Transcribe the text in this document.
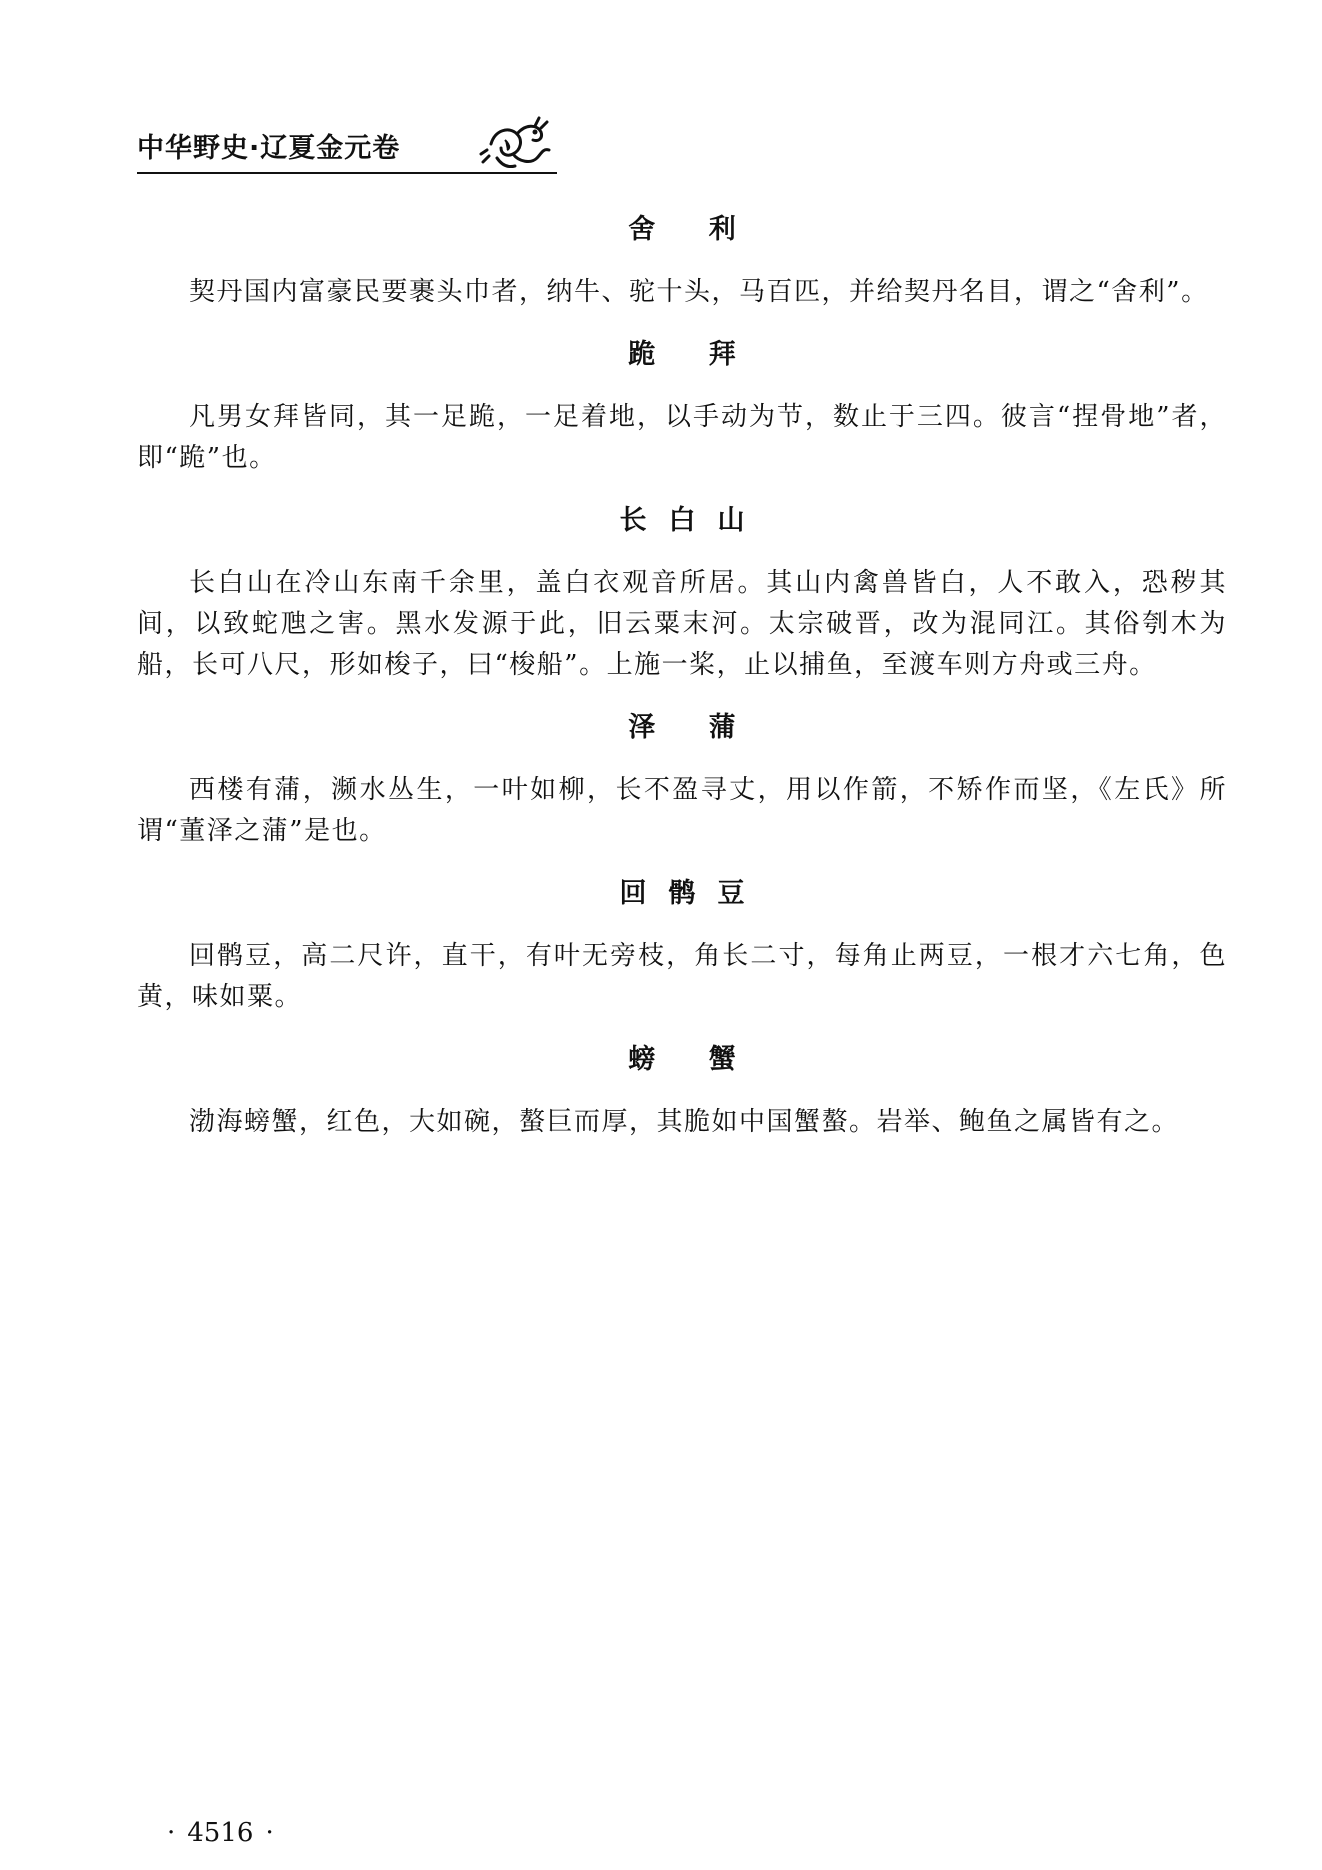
中华野史·辽夏金元卷
舍 利

契丹国内富豪民要裹头巾者，纳牛、驼十头，马百匹，并给契丹名目，谓之“舍利”。

跪 拜

凡男女拜皆同，其一足跪，一足着地，以手动为节，数止于三四。彼言“捏骨地”者，即“跪”也。

长白山

长白山在冷山东南千余里，盖白衣观音所居。其山内禽兽皆白，人不敢入，恐秽其间，以致蛇虺之害。黑水发源于此，旧云粟末河。太宗破晋，改为混同江。其俗刳木为船，长可八尺，形如梭子，曰“梭船”。上施一桨，止以捕鱼，至渡车则方舟或三舟。

泽 蒲

西楼有蒲，濒水丛生，一叶如柳，长不盈寻丈，用以作箭，不矫作而坚，《左氏》所谓“董泽之蒲”是也。

回鹘豆

回鹘豆，高二尺许，直干，有叶无旁枝，角长二寸，每角止两豆，一根才六七角，色黄，味如粟。

螃 蟹

渤海螃蟹，红色，大如碗，螯巨而厚，其脆如中国蟹螯。岩举、鲍鱼之属皆有之。

· 4516 ·
